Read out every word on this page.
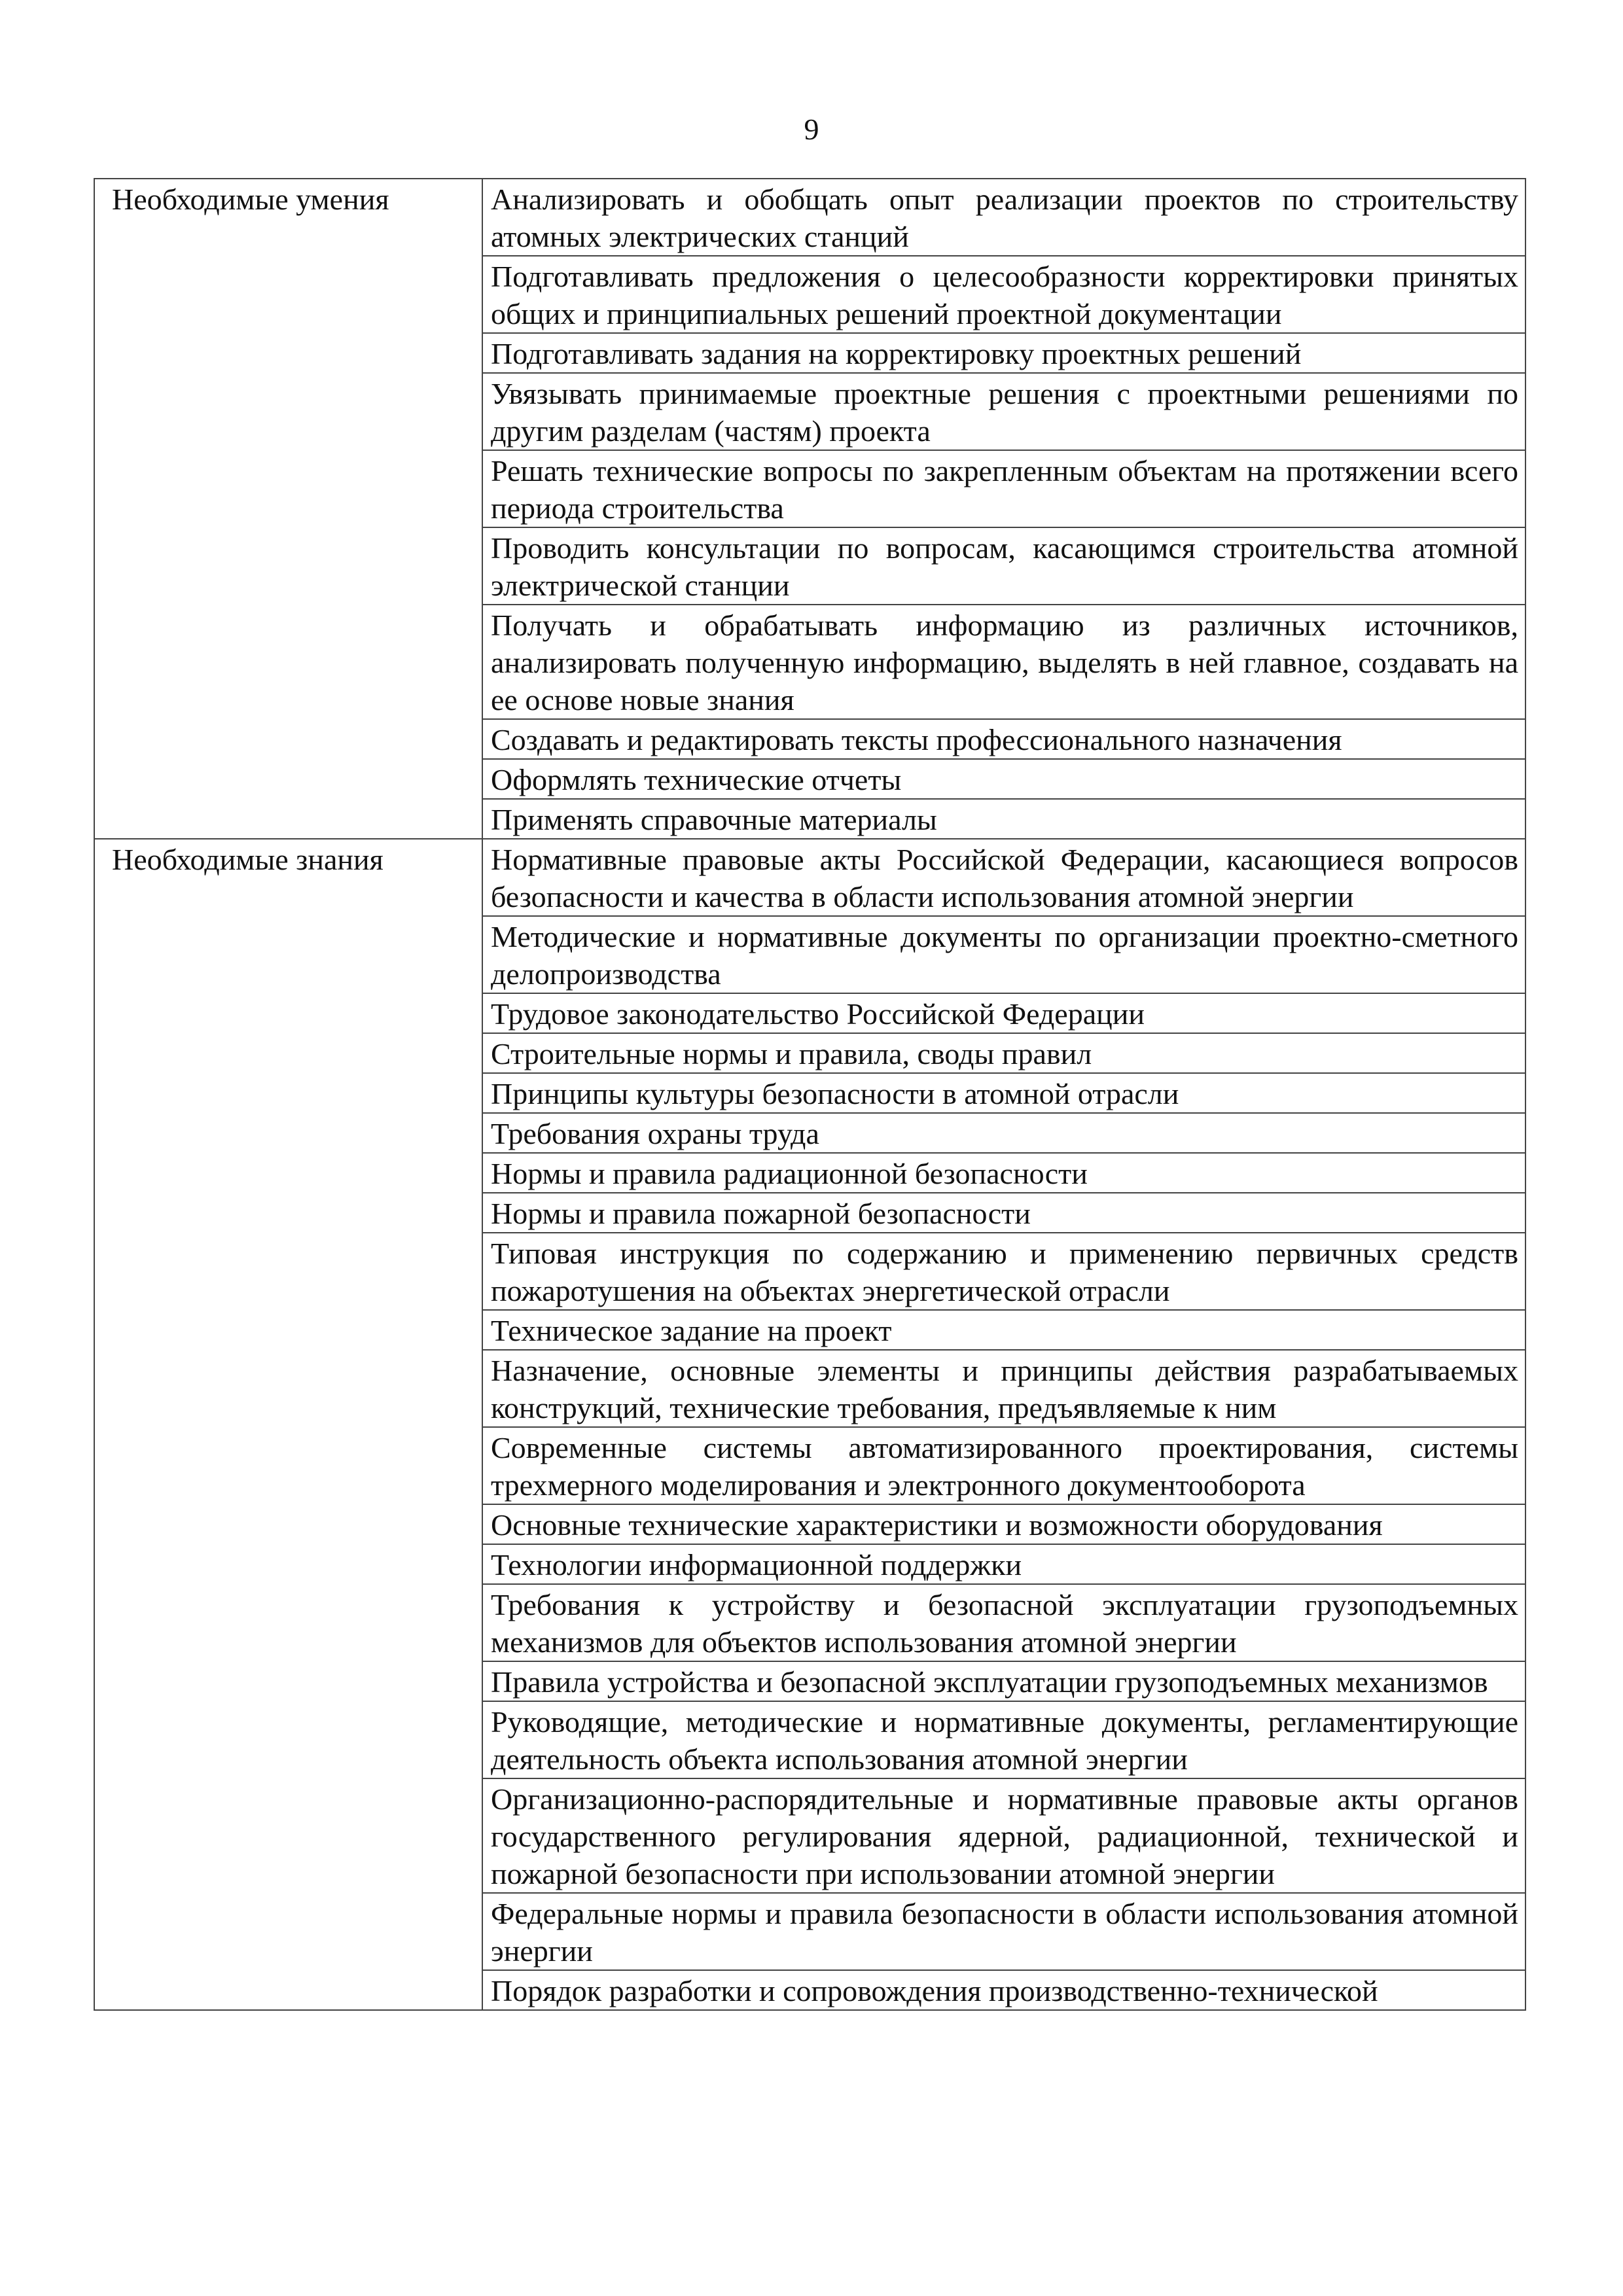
9
Необходимые умения	Анализировать и обобщать опыт реализации проектов по строительству атомных электрических станций
	Подготавливать предложения о целесообразности корректировки принятых общих и принципиальных решений проектной документации
	Подготавливать задания на корректировку проектных решений
	Увязывать принимаемые проектные решения с проектными решениями по другим разделам (частям) проекта
	Решать технические вопросы по закрепленным объектам на протяжении всего периода строительства
	Проводить консультации по вопросам, касающимся строительства атомной электрической станции
	Получать и обрабатывать информацию из различных источников, анализировать полученную информацию, выделять в ней главное, создавать на ее основе новые знания
	Создавать и редактировать тексты профессионального назначения
	Оформлять технические отчеты
	Применять справочные материалы
Необходимые знания	Нормативные правовые акты Российской Федерации, касающиеся вопросов безопасности и качества в области использования атомной энергии
	Методические и нормативные документы по организации проектно-сметного делопроизводства
	Трудовое законодательство Российской Федерации
	Строительные нормы и правила, своды правил
	Принципы культуры безопасности в атомной отрасли
	Требования охраны труда
	Нормы и правила радиационной безопасности
	Нормы и правила пожарной безопасности
	Типовая инструкция по содержанию и применению первичных средств пожаротушения на объектах энергетической отрасли
	Техническое задание на проект
	Назначение, основные элементы и принципы действия разрабатываемых конструкций, технические требования, предъявляемые к ним
	Современные системы автоматизированного проектирования, системы трехмерного моделирования и электронного документооборота
	Основные технические характеристики и возможности оборудования
	Технологии информационной поддержки
	Требования к устройству и безопасной эксплуатации грузоподъемных механизмов для объектов использования атомной энергии
	Правила устройства и безопасной эксплуатации грузоподъемных механизмов
	Руководящие, методические и нормативные документы, регламентирующие деятельность объекта использования атомной энергии
	Организационно-распорядительные и нормативные правовые акты органов государственного регулирования ядерной, радиационной, технической и пожарной безопасности при использовании атомной энергии
	Федеральные нормы и правила безопасности в области использования атомной энергии
	Порядок разработки и сопровождения производственно-технической
